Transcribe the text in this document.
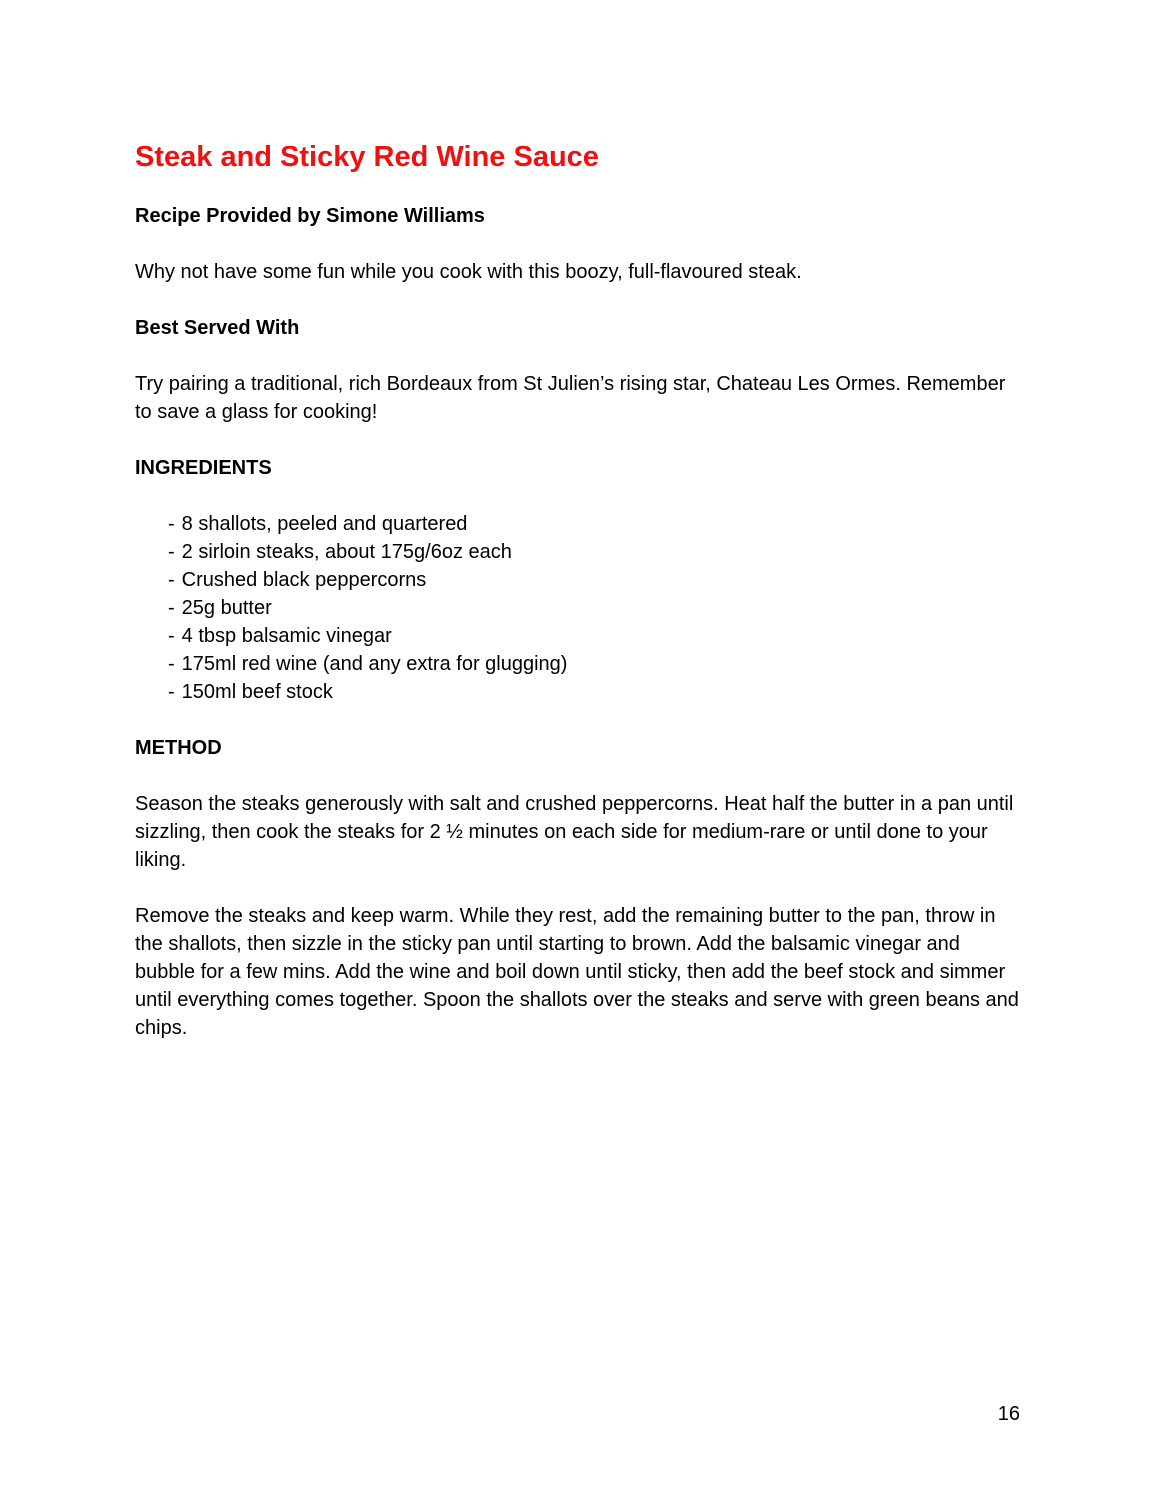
Steak and Sticky Red Wine Sauce
Recipe Provided by Simone Williams

Why not have some fun while you cook with this boozy, full-flavoured steak.

Best Served With

Try pairing a traditional, rich Bordeaux from St Julien’s rising star, Chateau Les Ormes. Remember to save a glass for cooking!

INGREDIENTS
- 8 shallots, peeled and quartered
- 2 sirloin steaks, about 175g/6oz each
- Crushed black peppercorns
- 25g butter
- 4 tbsp balsamic vinegar
- 175ml red wine (and any extra for glugging)
- 150ml beef stock
METHOD

Season the steaks generously with salt and crushed peppercorns. Heat half the butter in a pan until sizzling, then cook the steaks for 2 ½ minutes on each side for medium-rare or until done to your liking.

Remove the steaks and keep warm. While they rest, add the remaining butter to the pan, throw in the shallots, then sizzle in the sticky pan until starting to brown. Add the balsamic vinegar and bubble for a few mins. Add the wine and boil down until sticky, then add the beef stock and simmer until everything comes together. Spoon the shallots over the steaks and serve with green beans and chips.

16
